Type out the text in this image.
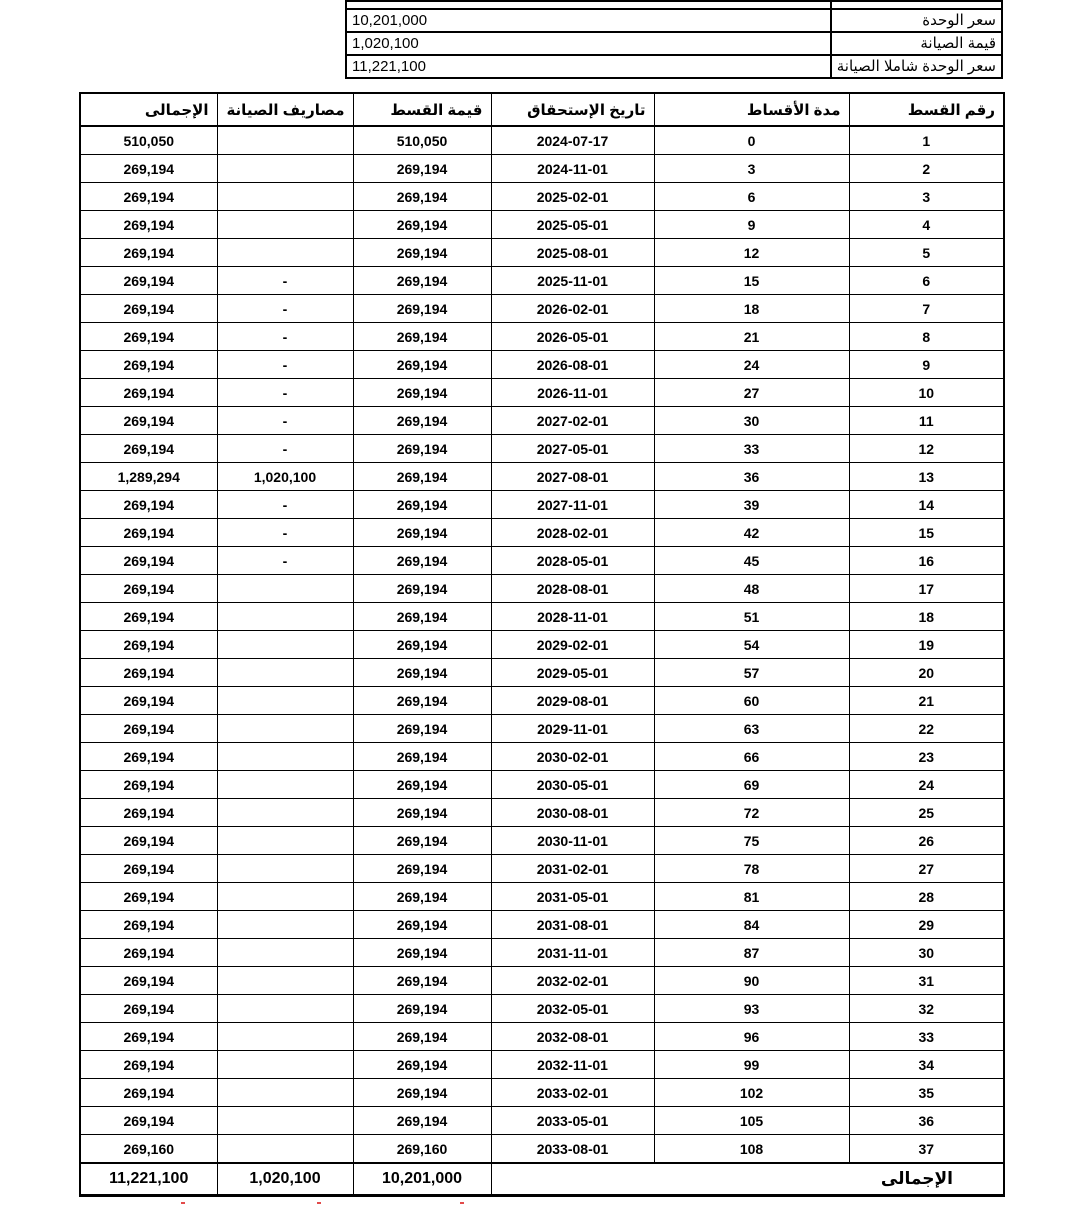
سعر الوحدة	10,201,000
قيمة الصيانة	1,020,100
سعر الوحدة شاملا الصيانة	11,221,100
رقم القسط	مدة الأقساط	تاريخ الإستحقاق	قيمة القسط	مصاريف الصيانة	الإجمالى
1	0	2024-07-17	510,050		510,050
2	3	2024-11-01	269,194		269,194
3	6	2025-02-01	269,194		269,194
4	9	2025-05-01	269,194		269,194
5	12	2025-08-01	269,194		269,194
6	15	2025-11-01	269,194	-	269,194
7	18	2026-02-01	269,194	-	269,194
8	21	2026-05-01	269,194	-	269,194
9	24	2026-08-01	269,194	-	269,194
10	27	2026-11-01	269,194	-	269,194
11	30	2027-02-01	269,194	-	269,194
12	33	2027-05-01	269,194	-	269,194
13	36	2027-08-01	269,194	1,020,100	1,289,294
14	39	2027-11-01	269,194	-	269,194
15	42	2028-02-01	269,194	-	269,194
16	45	2028-05-01	269,194	-	269,194
17	48	2028-08-01	269,194		269,194
18	51	2028-11-01	269,194		269,194
19	54	2029-02-01	269,194		269,194
20	57	2029-05-01	269,194		269,194
21	60	2029-08-01	269,194		269,194
22	63	2029-11-01	269,194		269,194
23	66	2030-02-01	269,194		269,194
24	69	2030-05-01	269,194		269,194
25	72	2030-08-01	269,194		269,194
26	75	2030-11-01	269,194		269,194
27	78	2031-02-01	269,194		269,194
28	81	2031-05-01	269,194		269,194
29	84	2031-08-01	269,194		269,194
30	87	2031-11-01	269,194		269,194
31	90	2032-02-01	269,194		269,194
32	93	2032-05-01	269,194		269,194
33	96	2032-08-01	269,194		269,194
34	99	2032-11-01	269,194		269,194
35	102	2033-02-01	269,194		269,194
36	105	2033-05-01	269,194		269,194
37	108	2033-08-01	269,160		269,160
الإجمالى			10,201,000	1,020,100	11,221,100
